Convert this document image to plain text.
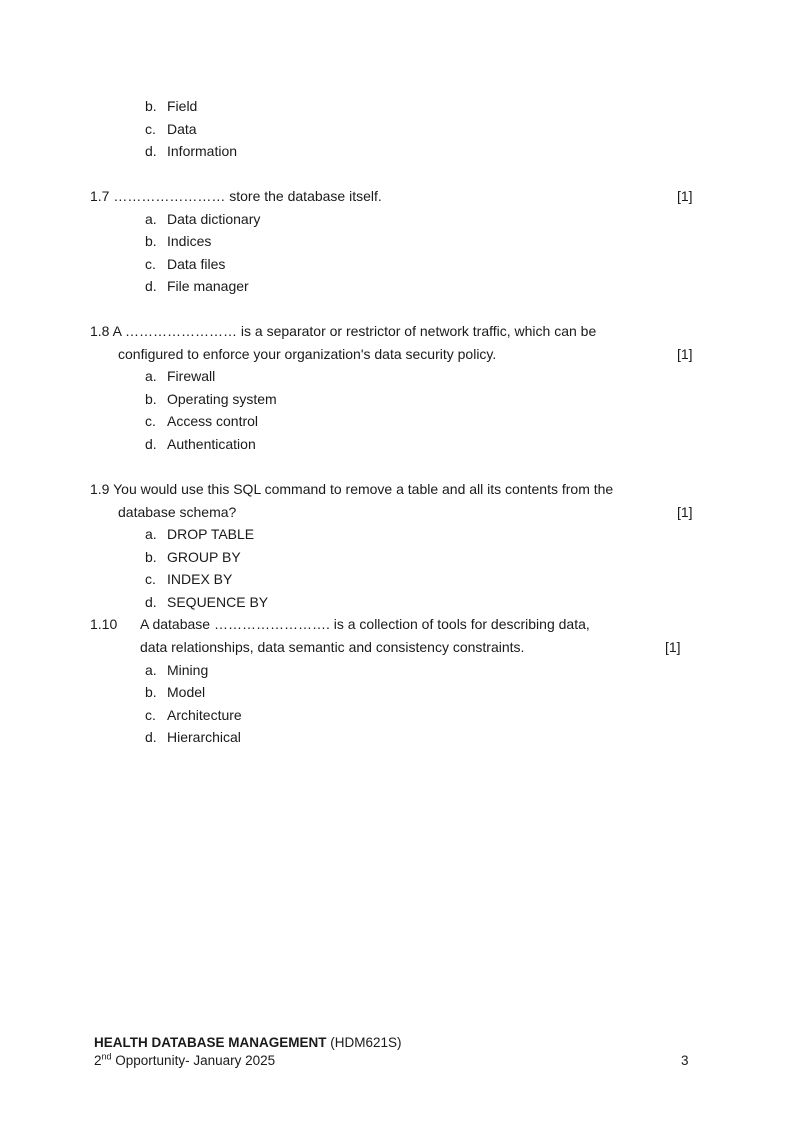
b. Field
c. Data
d. Information
1.7 …………………… store the database itself.	[1]
a. Data dictionary
b. Indices
c. Data files
d. File manager
1.8 A …………………… is a separator or restrictor of network traffic, which can be
configured to enforce your organization's data security policy.	[1]
a. Firewall
b. Operating system
c. Access control
d. Authentication
1.9 You would use this SQL command to remove a table and all its contents from the
database schema?	[1]
a. DROP TABLE
b. GROUP BY
c. INDEX BY
d. SEQUENCE BY
1.10 A database ……………………. is a collection of tools for describing data,
data relationships, data semantic and consistency constraints.	[1]
a. Mining
b. Model
c. Architecture
d. Hierarchical
HEALTH DATABASE MANAGEMENT (HDM621S)
2nd Opportunity- January 2025	3
